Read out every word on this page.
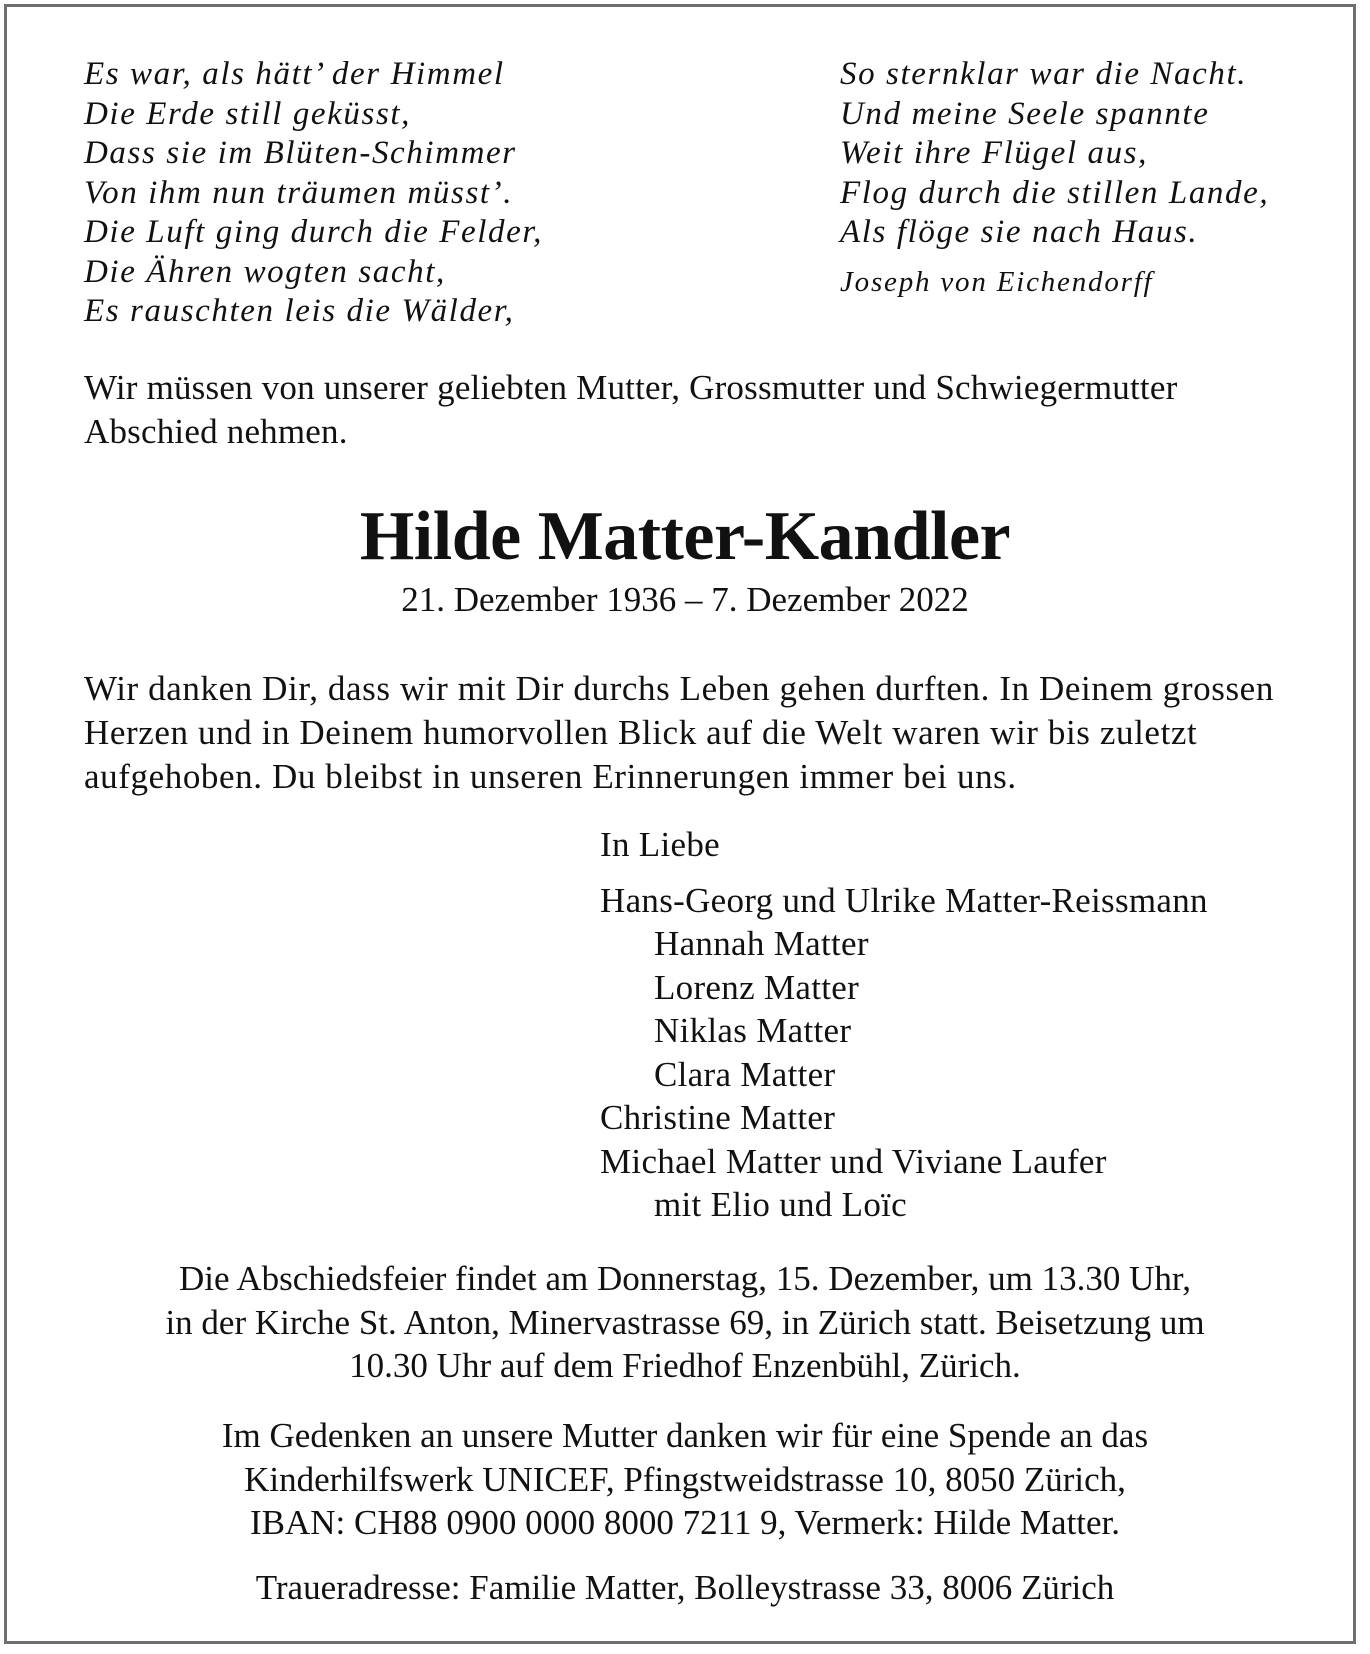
Es war, als hätt’ der Himmel
Die Erde still geküsst,
Dass sie im Blüten-Schimmer
Von ihm nun träumen müsst’.
Die Luft ging durch die Felder,
Die Ähren wogten sacht,
Es rauschten leis die Wälder,
So sternklar war die Nacht.
Und meine Seele spannte
Weit ihre Flügel aus,
Flog durch die stillen Lande,
Als flöge sie nach Haus.
Joseph von Eichendorff
Wir müssen von unserer geliebten Mutter, Grossmutter und Schwiegermutter Abschied nehmen.
Hilde Matter-Kandler
21. Dezember 1936 – 7. Dezember 2022
Wir danken Dir, dass wir mit Dir durchs Leben gehen durften. In Deinem grossen Herzen und in Deinem humorvollen Blick auf die Welt waren wir bis zuletzt aufgehoben. Du bleibst in unseren Erinnerungen immer bei uns.
In Liebe
Hans-Georg und Ulrike Matter-Reissmann
Hannah Matter
Lorenz Matter
Niklas Matter
Clara Matter
Christine Matter
Michael Matter und Viviane Laufer
mit Elio und Loïc
Die Abschiedsfeier findet am Donnerstag, 15. Dezember, um 13.30 Uhr,
in der Kirche St. Anton, Minervastrasse 69, in Zürich statt. Beisetzung um
10.30 Uhr auf dem Friedhof Enzenbühl, Zürich.
Im Gedenken an unsere Mutter danken wir für eine Spende an das
Kinderhilfswerk UNICEF, Pfingstweidstrasse 10, 8050 Zürich,
IBAN: CH88 0900 0000 8000 7211 9, Vermerk: Hilde Matter.
Traueradresse: Familie Matter, Bolleystrasse 33, 8006 Zürich
